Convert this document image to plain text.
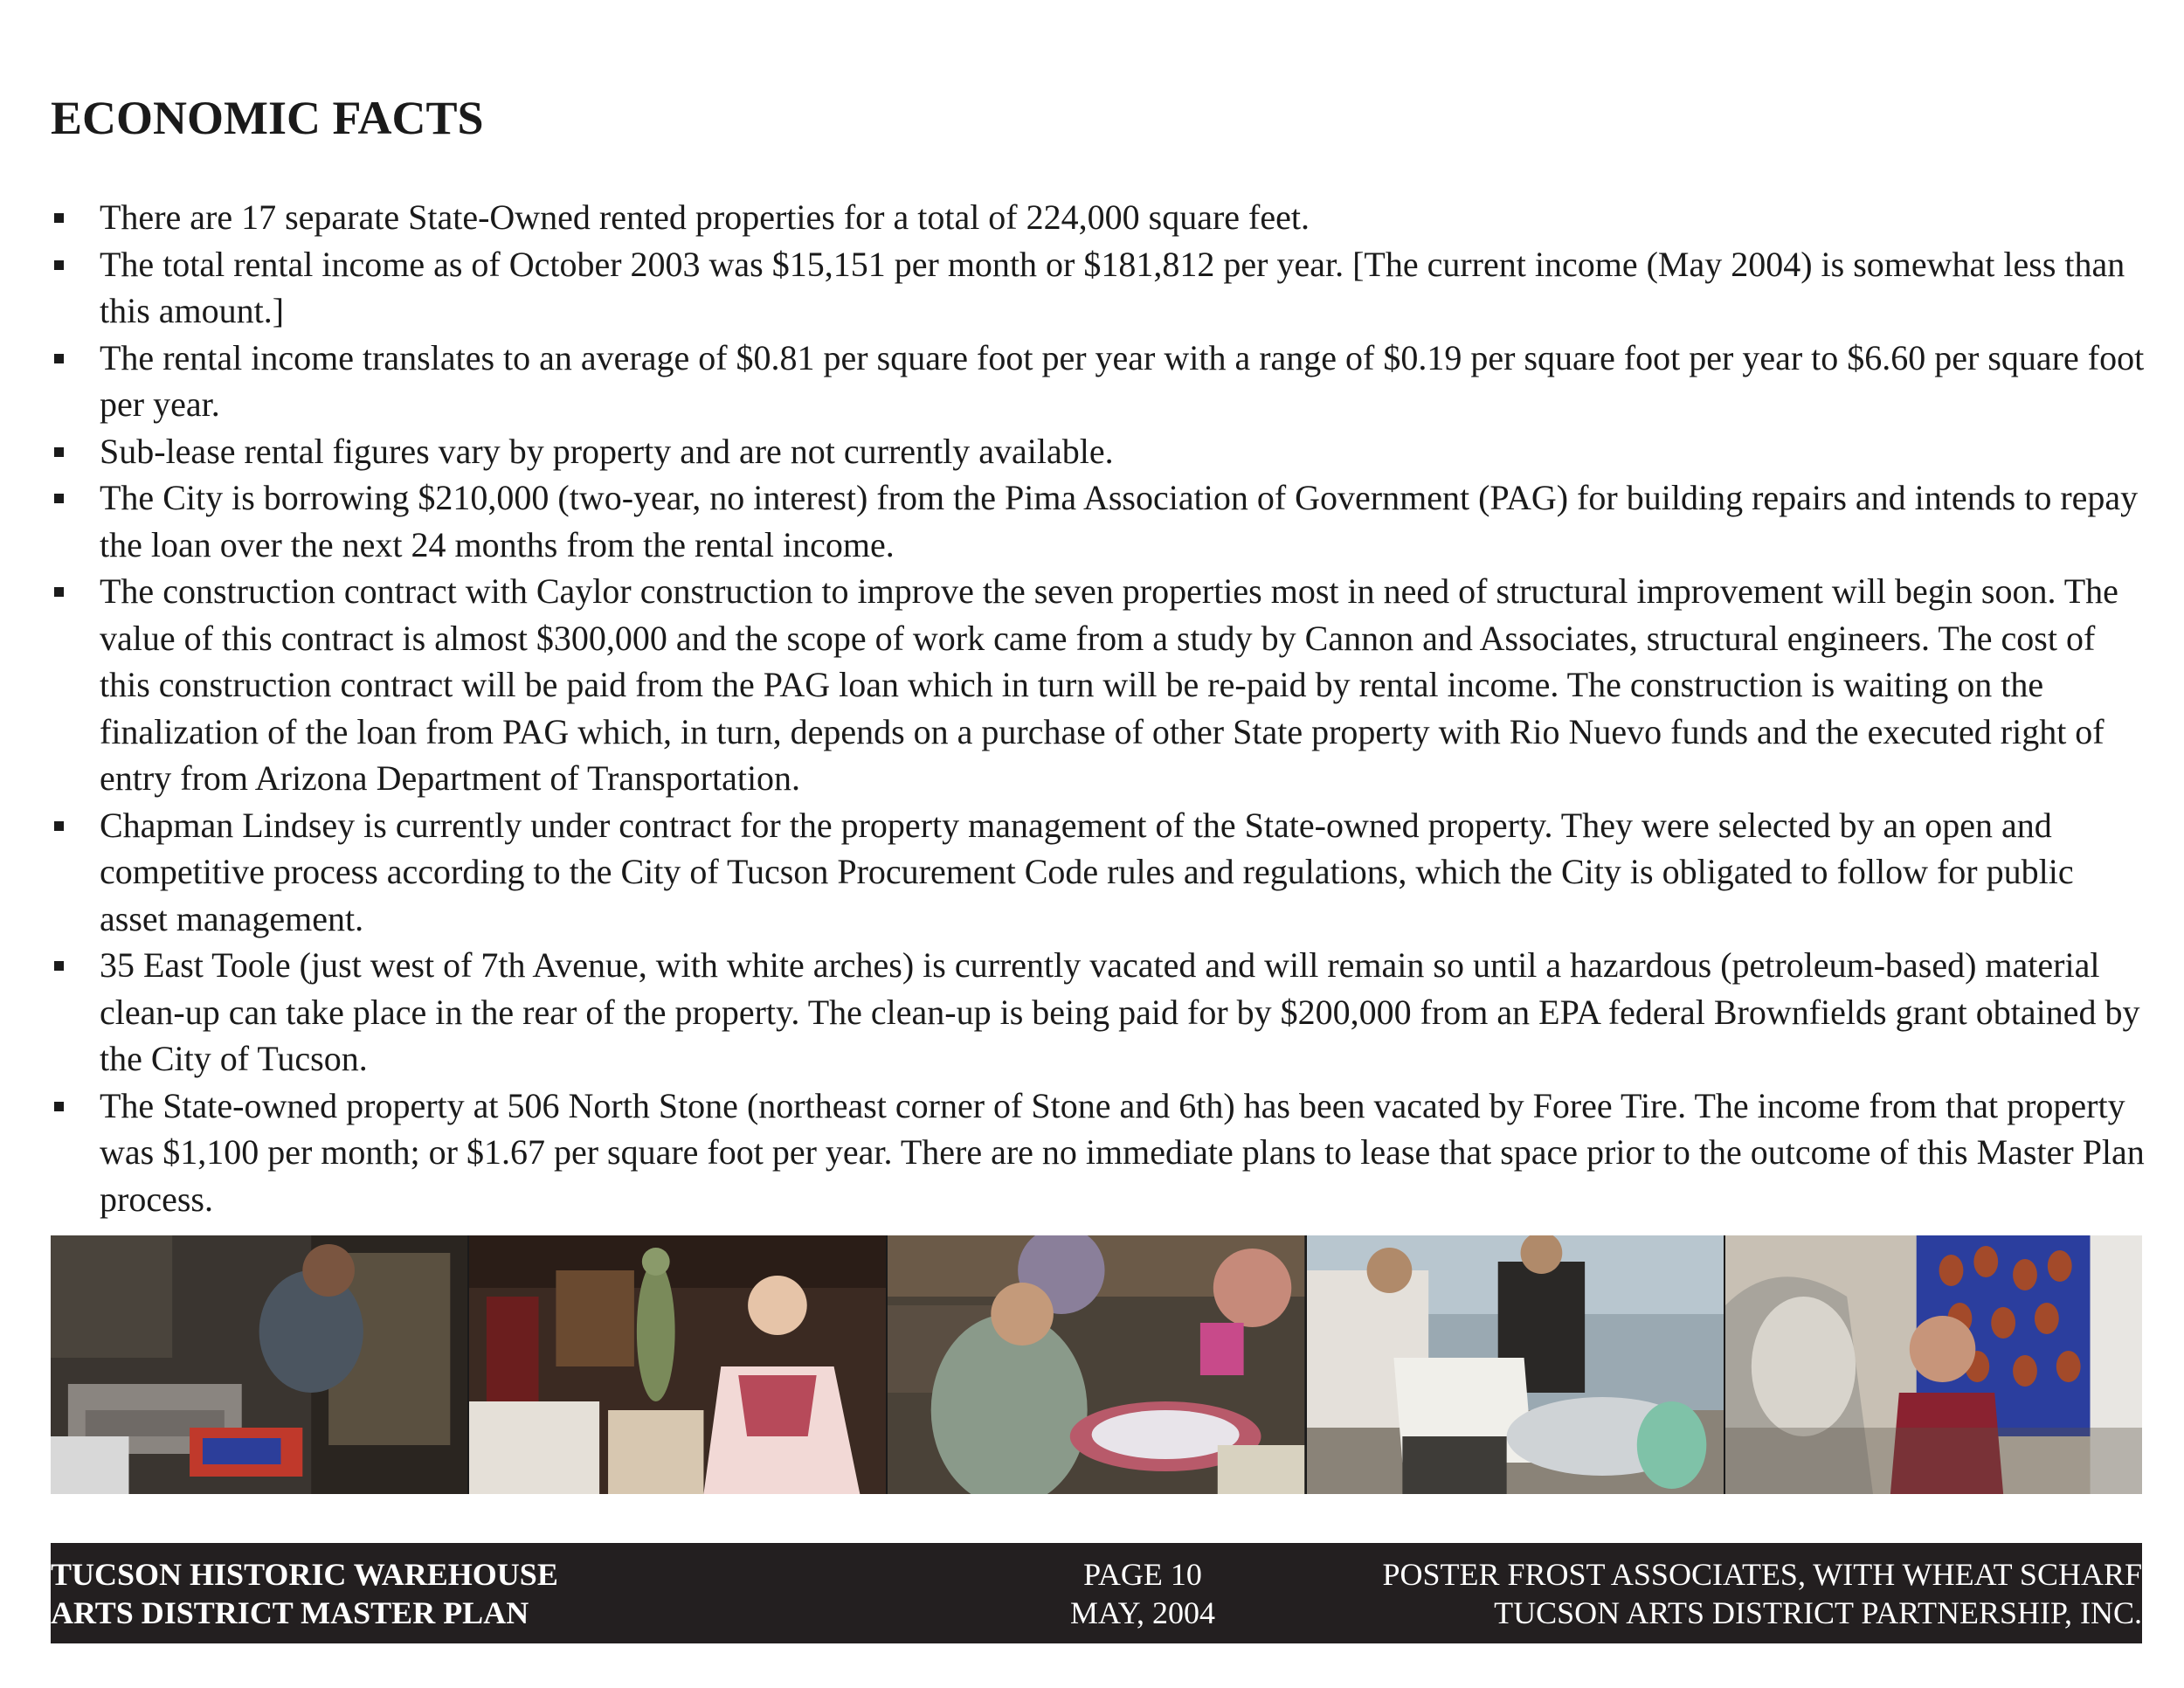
ECONOMIC FACTS
There are 17 separate State-Owned rented properties for a total of 224,000 square feet.
The total rental income as of October 2003 was $15,151 per month or $181,812 per year. [The current income (May 2004) is somewhat less than this amount.]
The rental income translates to an average of $0.81 per square foot per year with a range of $0.19 per square foot per year to $6.60 per square foot per year.
Sub-lease rental figures vary by property and are not currently available.
The City is borrowing $210,000 (two-year, no interest) from the Pima Association of Government (PAG) for building repairs and intends to repay the loan over the next 24 months from the rental income.
The construction contract with Caylor construction to improve the seven properties most in need of structural improvement will begin soon. The value of this contract is almost $300,000 and the scope of work came from a study by Cannon and Associates, structural engineers. The cost of this construction contract will be paid from the PAG loan which in turn will be re-paid by rental income. The construction is waiting on the finalization of the loan from PAG which, in turn, depends on a purchase of other State property with Rio Nuevo funds and the executed right of entry from Arizona Department of Transportation.
Chapman Lindsey is currently under contract for the property management of the State-owned property. They were selected by an open and competitive process according to the City of Tucson Procurement Code rules and regulations, which the City is obligated to follow for public asset management.
35 East Toole (just west of 7th Avenue, with white arches) is currently vacated and will remain so until a hazardous (petroleum-based) material clean-up can take place in the rear of the property. The clean-up is being paid for by $200,000 from an EPA federal Brownfields grant obtained by the City of Tucson.
The State-owned property at 506 North Stone (northeast corner of Stone and 6th) has been vacated by Foree Tire. The income from that property was $1,100 per month; or $1.67 per square foot per year. There are no immediate plans to lease that space prior to the outcome of this Master Plan process.
TUCSON HISTORIC WAREHOUSE
ARTS DISTRICT MASTER PLAN
PAGE 10
MAY, 2004
POSTER FROST ASSOCIATES, WITH WHEAT SCHARF
TUCSON ARTS DISTRICT PARTNERSHIP, INC.
